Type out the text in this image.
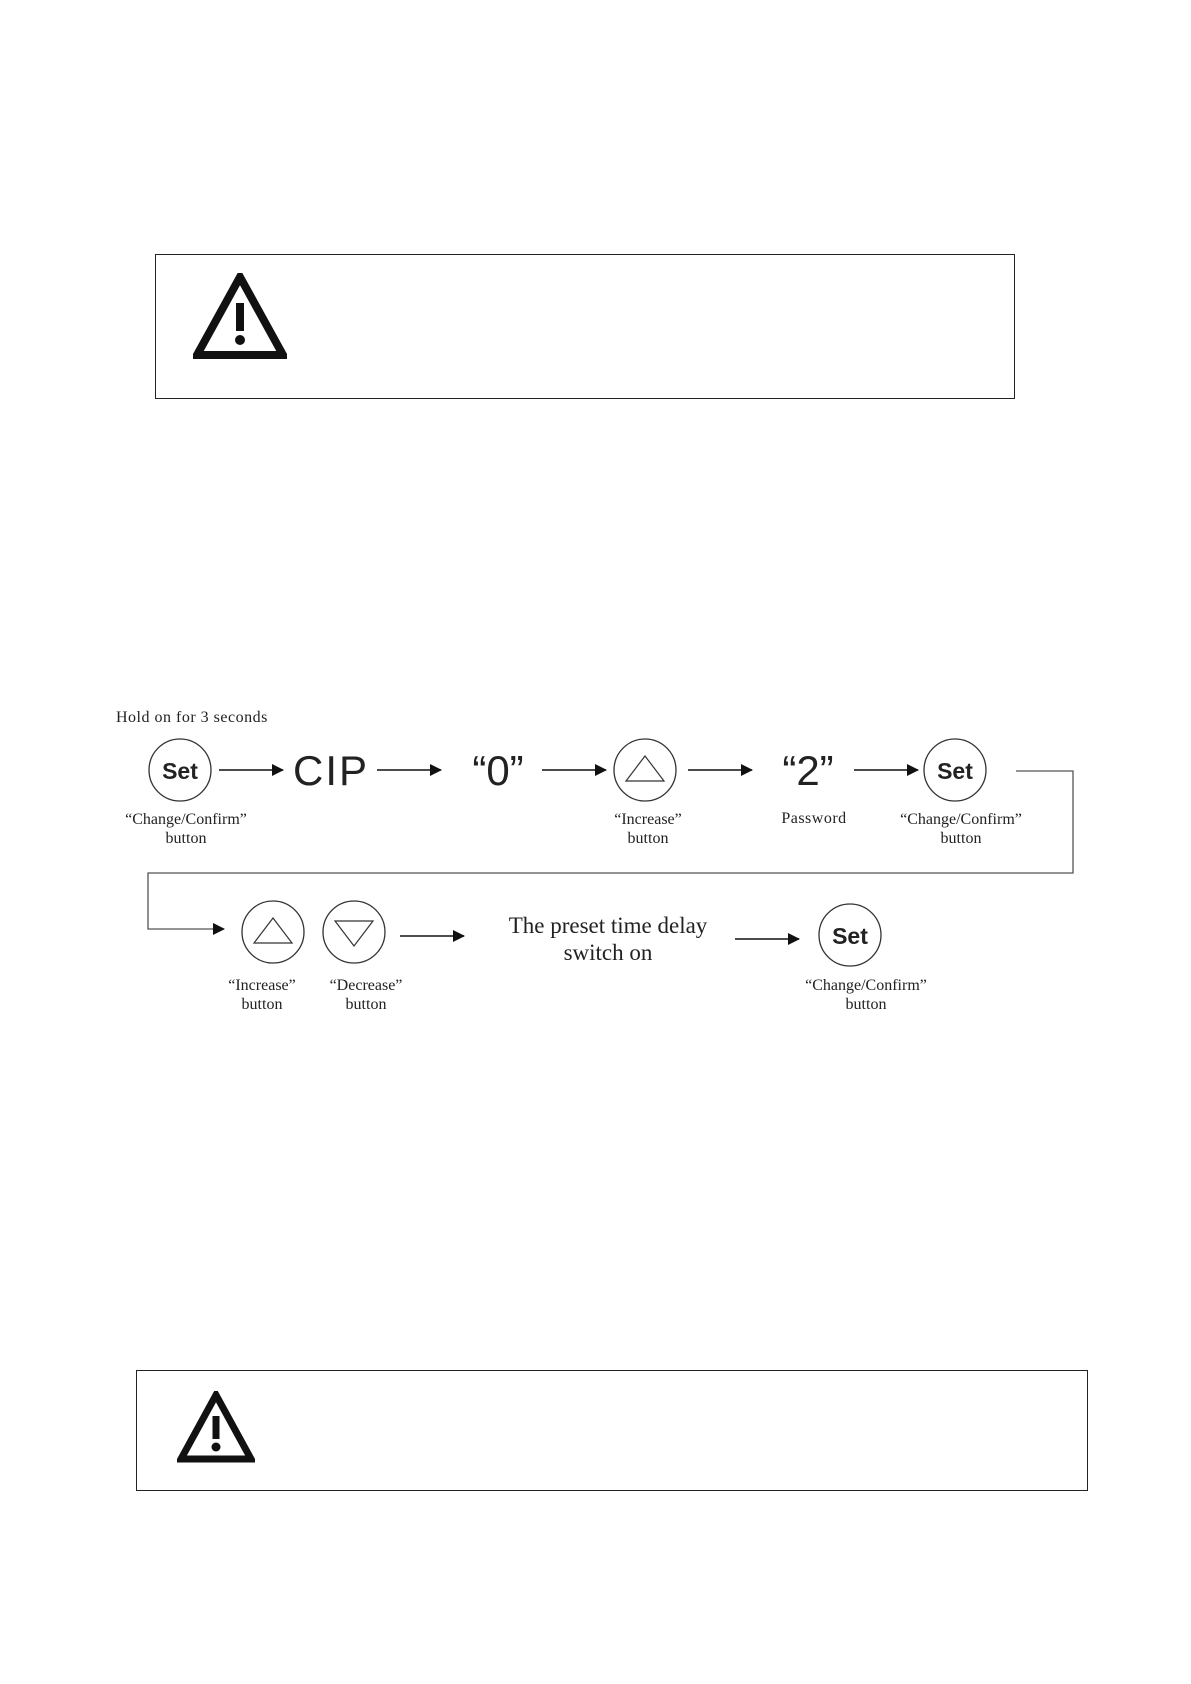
Hold on for 3 seconds
Set
“Change/Confirm”
button
CIP “0”
“Increase”
button
“2”
Password
Set
“Change/Confirm”
button
“Increase”
button
“Decrease”
button
The preset time delay
switch on
Set
“Change/Confirm”
button
